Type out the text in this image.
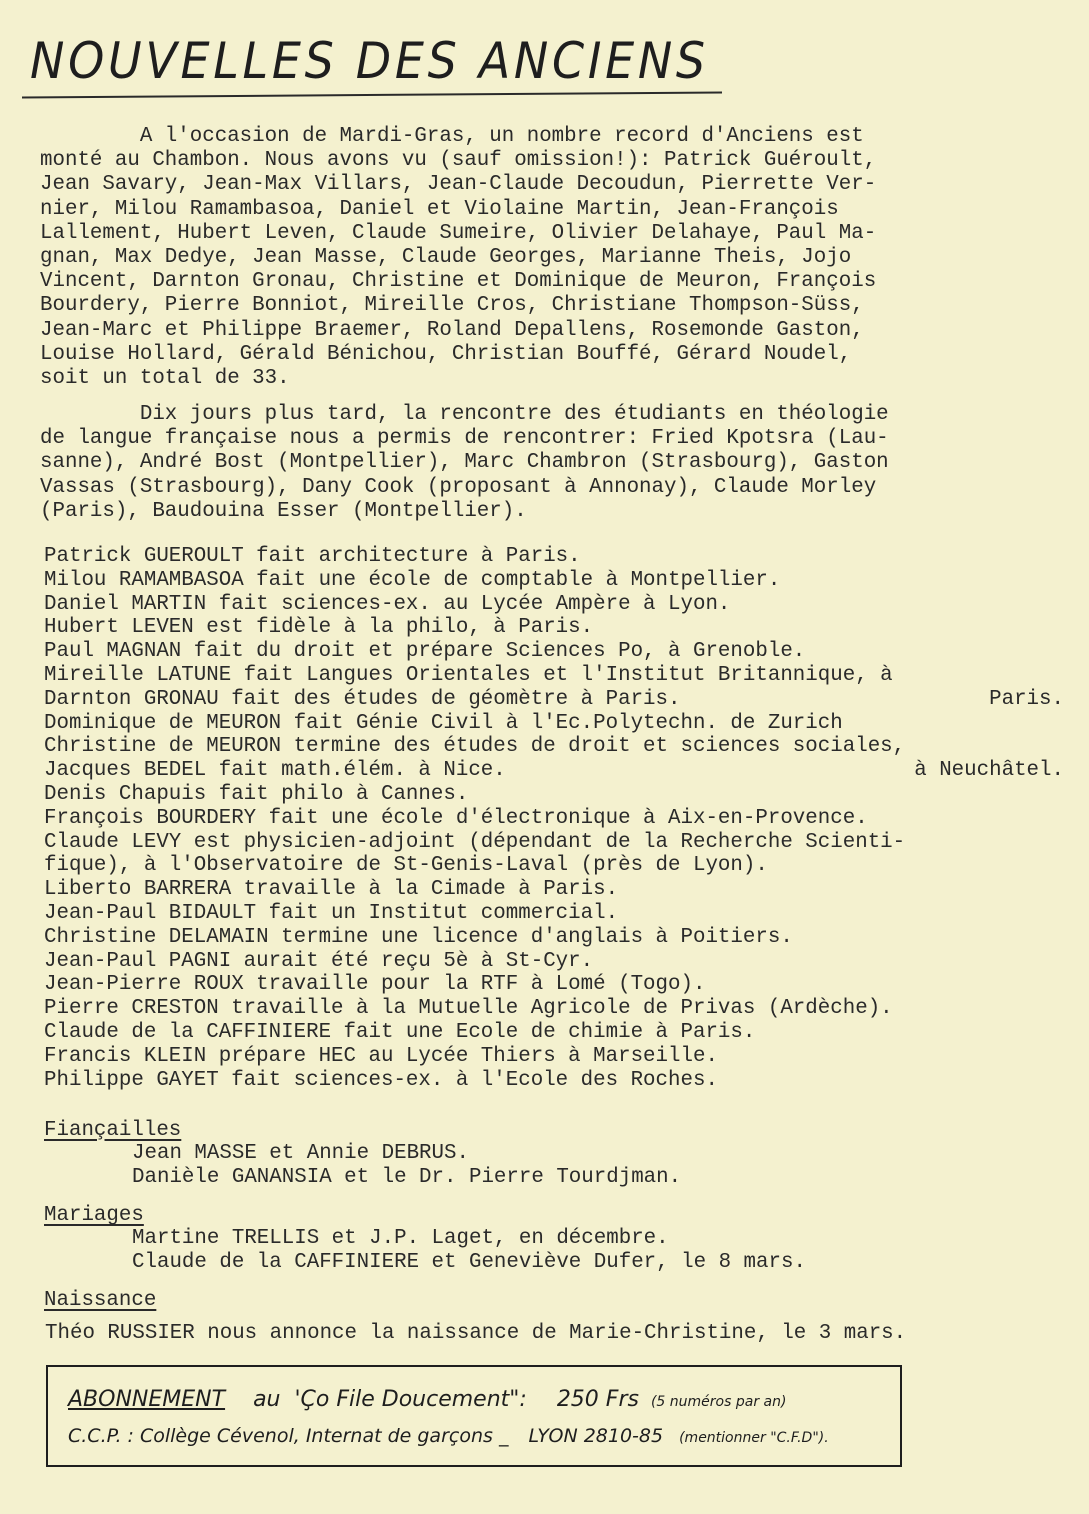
NOUVELLES DES ANCIENS
A l'occasion de Mardi-Gras, un nombre record d'Anciens est
monté au Chambon. Nous avons vu (sauf omission!): Patrick Guéroult,
Jean Savary, Jean-Max Villars, Jean-Claude Decoudun, Pierrette Ver-
nier, Milou Ramambasoa, Daniel et Violaine Martin, Jean-François
Lallement, Hubert Leven, Claude Sumeire, Olivier Delahaye, Paul Ma-
gnan, Max Dedye, Jean Masse, Claude Georges, Marianne Theis, Jojo
Vincent, Darnton Gronau, Christine et Dominique de Meuron, François
Bourdery, Pierre Bonniot, Mireille Cros, Christiane Thompson-Süss,
Jean-Marc et Philippe Braemer, Roland Depallens, Rosemonde Gaston,
Louise Hollard, Gérald Bénichou, Christian Bouffé, Gérard Noudel,
soit un total de 33.
Dix jours plus tard, la rencontre des étudiants en théologie
de langue française nous a permis de rencontrer: Fried Kpotsra (Lau-
sanne), André Bost (Montpellier), Marc Chambron (Strasbourg), Gaston
Vassas (Strasbourg), Dany Cook (proposant à Annonay), Claude Morley
(Paris), Baudouina Esser (Montpellier).
Patrick GUEROULT fait architecture à Paris.
Milou RAMAMBASOA fait une école de comptable à Montpellier.
Daniel MARTIN fait sciences-ex. au Lycée Ampère à Lyon.
Hubert LEVEN est fidèle à la philo, à Paris.
Paul MAGNAN fait du droit et prépare Sciences Po, à Grenoble.
Mireille LATUNE fait Langues Orientales et l'Institut Britannique, à
Darnton GRONAU fait des études de géomètre à Paris.	Paris.
Dominique de MEURON fait Génie Civil à l'Ec.Polytechn. de Zurich
Christine de MEURON termine des études de droit et sciences sociales,
Jacques BEDEL fait math.élém. à Nice.	à Neuchâtel.
Denis Chapuis fait philo à Cannes.
François BOURDERY fait une école d'électronique à Aix-en-Provence.
Claude LEVY est physicien-adjoint (dépendant de la Recherche Scienti-
fique), à l'Observatoire de St-Genis-Laval (près de Lyon).
Liberto BARRERA travaille à la Cimade à Paris.
Jean-Paul BIDAULT fait un Institut commercial.
Christine DELAMAIN termine une licence d'anglais à Poitiers.
Jean-Paul PAGNI aurait été reçu 5è à St-Cyr.
Jean-Pierre ROUX travaille pour la RTF à Lomé (Togo).
Pierre CRESTON travaille à la Mutuelle Agricole de Privas (Ardèche).
Claude de la CAFFINIERE fait une Ecole de chimie à Paris.
Francis KLEIN prépare HEC au Lycée Thiers à Marseille.
Philippe GAYET fait sciences-ex. à l'Ecole des Roches.
Fiançailles
Jean MASSE et Annie DEBRUS.
Danièle GANANSIA et le Dr. Pierre Tourdjman.
Mariages
Martine TRELLIS et J.P. Laget, en décembre.
Claude de la CAFFINIERE et Geneviève Dufer, le 8 mars.
Naissance
Théo RUSSIER nous annonce la naissance de Marie-Christine, le 3 mars.
ABONNEMENT au 'Ço File Doucement": 250 Frs (5 numéros par an)
C.C.P. : Collège Cévenol, Internat de garçons _ LYON 2810-85 (mentionner "C.F.D").
